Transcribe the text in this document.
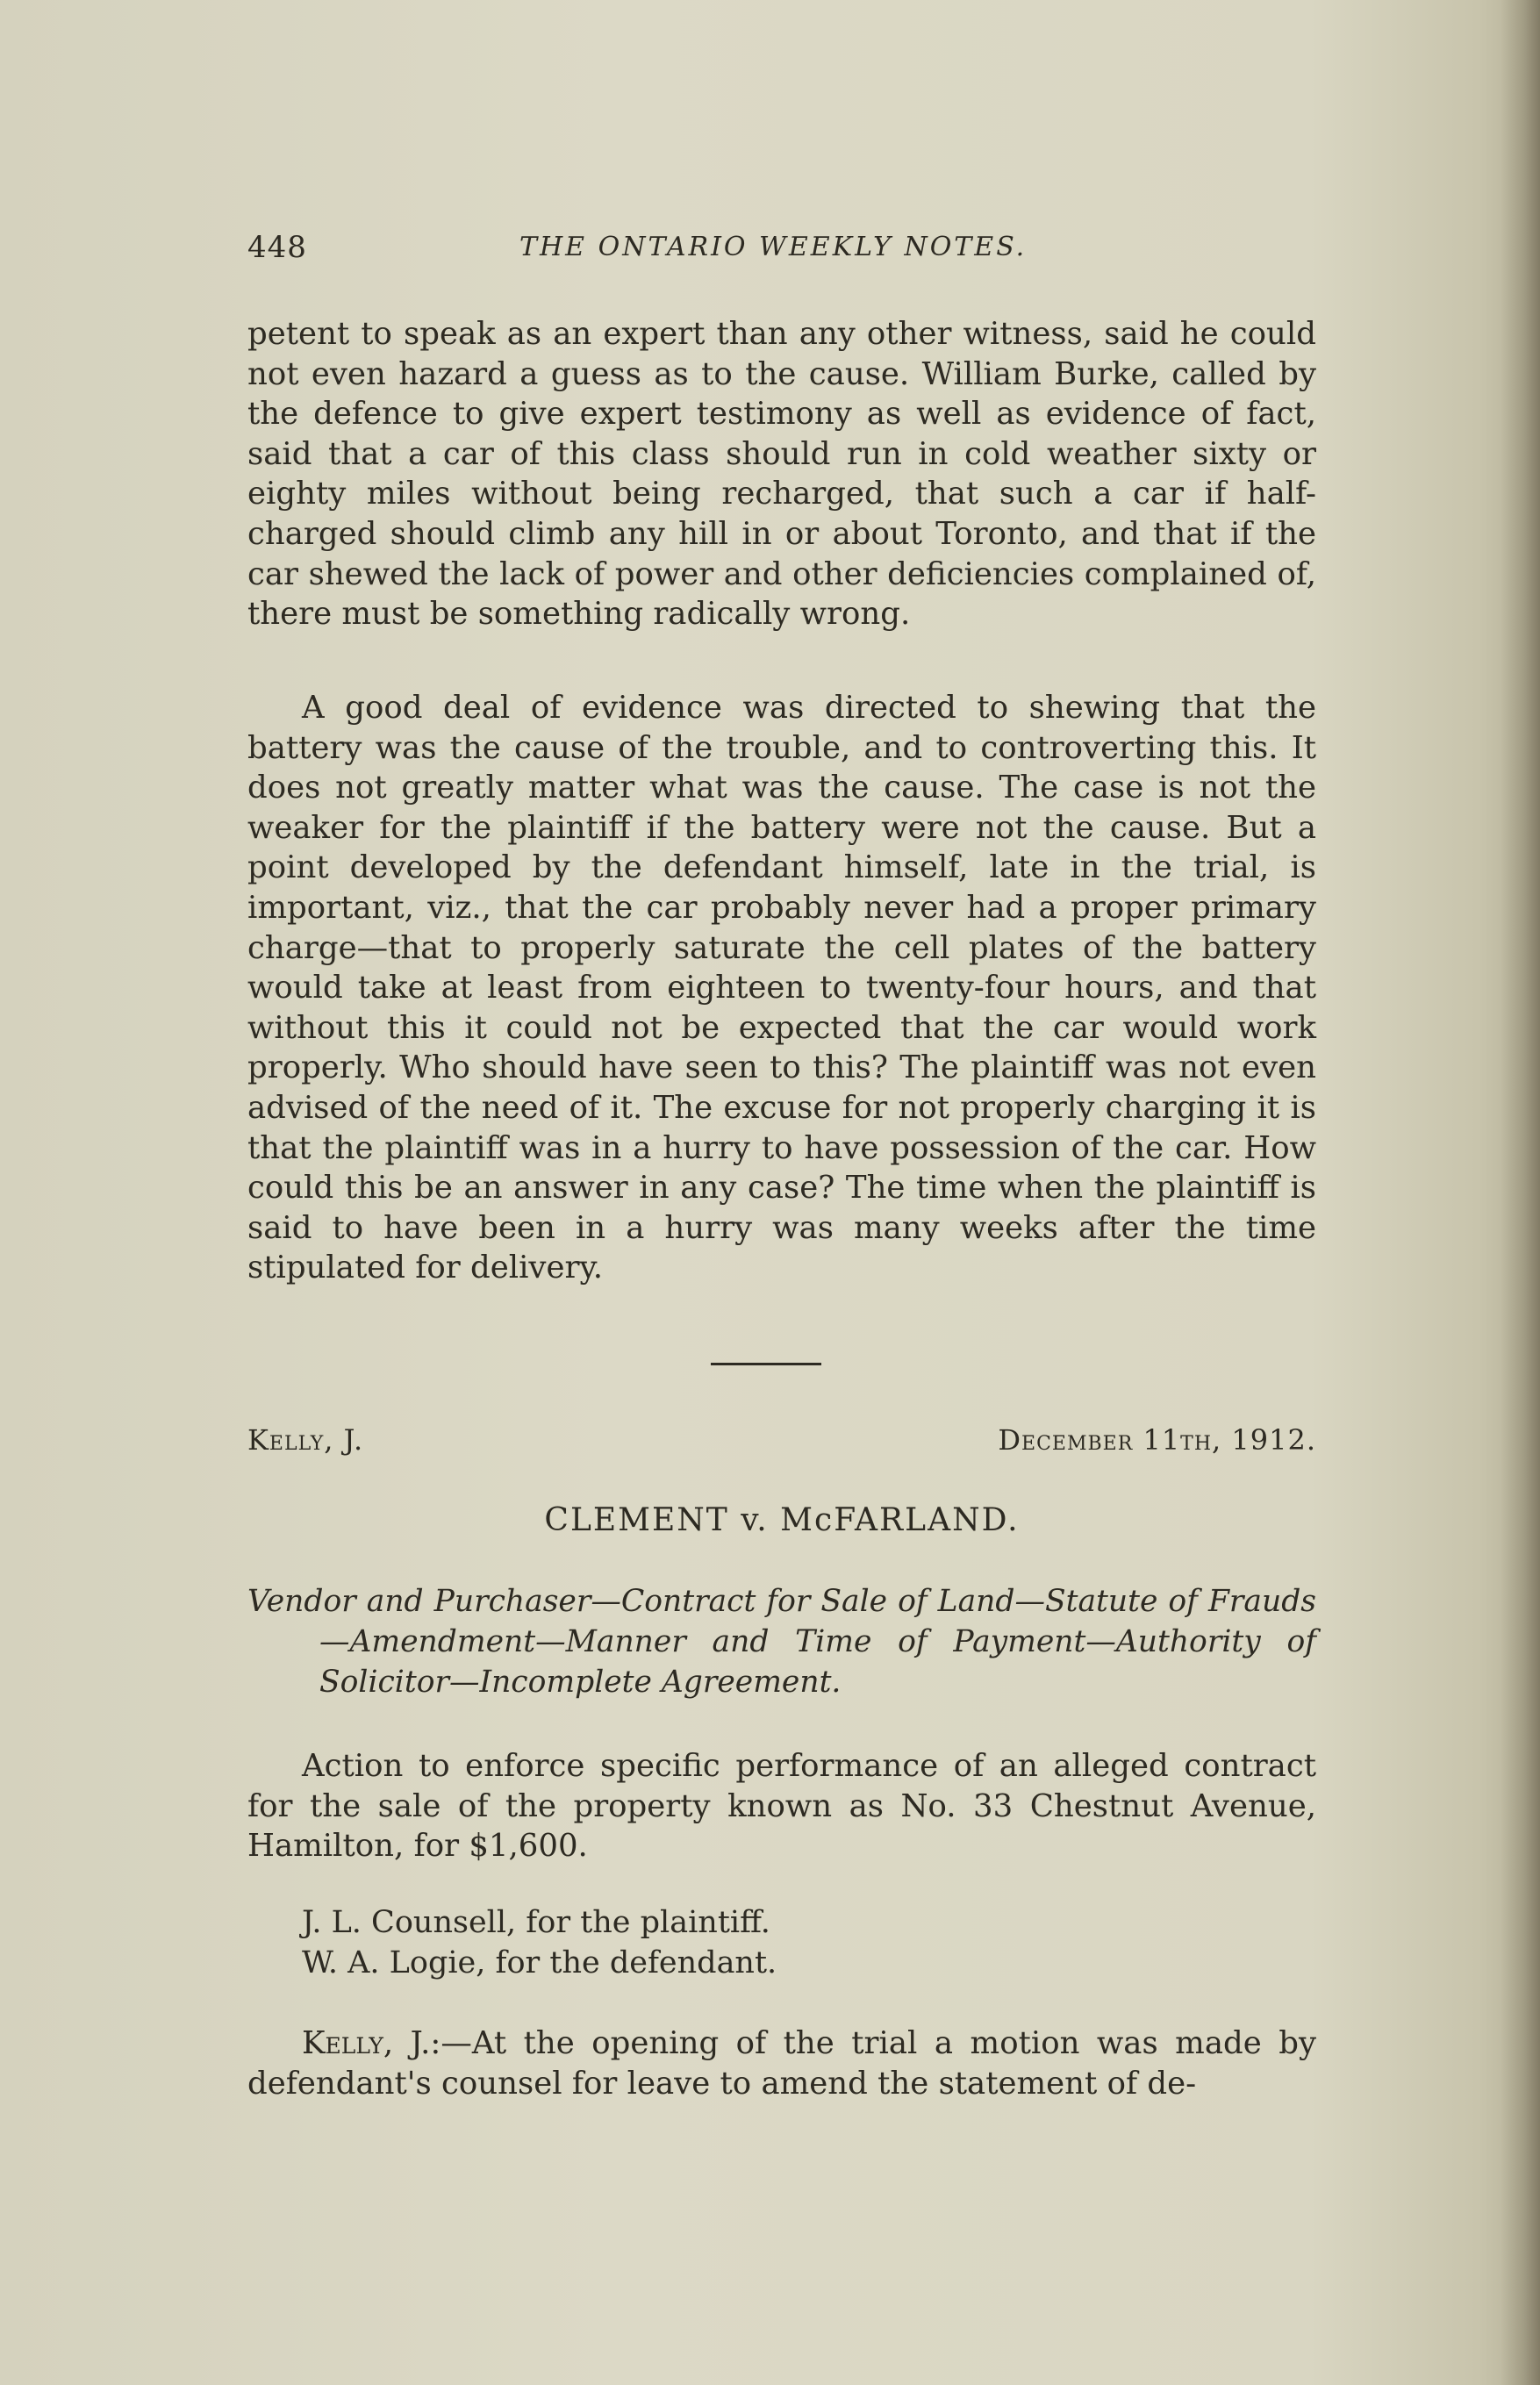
448	THE ONTARIO WEEKLY NOTES.

petent to speak as an expert than any other witness, said he could not even hazard a guess as to the cause. William Burke, called by the defence to give expert testimony as well as evidence of fact, said that a car of this class should run in cold weather sixty or eighty miles without being recharged, that such a car if half-charged should climb any hill in or about Toronto, and that if the car shewed the lack of power and other deficiencies complained of, there must be something radically wrong.

A good deal of evidence was directed to shewing that the battery was the cause of the trouble, and to controverting this. It does not greatly matter what was the cause. The case is not the weaker for the plaintiff if the battery were not the cause. But a point developed by the defendant himself, late in the trial, is important, viz., that the car probably never had a proper primary charge—that to properly saturate the cell plates of the battery would take at least from eighteen to twenty-four hours, and that without this it could not be expected that the car would work properly. Who should have seen to this? The plaintiff was not even advised of the need of it. The excuse for not properly charging it is that the plaintiff was in a hurry to have possession of the car. How could this be an answer in any case? The time when the plaintiff is said to have been in a hurry was many weeks after the time stipulated for delivery.

Kelly, J.	December 11th, 1912.
CLEMENT v. McFARLAND.
Vendor and Purchaser—Contract for Sale of Land—Statute of Frauds—Amendment—Manner and Time of Payment—Authority of Solicitor—Incomplete Agreement.

Action to enforce specific performance of an alleged contract for the sale of the property known as No. 33 Chestnut Avenue, Hamilton, for $1,600.

J. L. Counsell, for the plaintiff.
W. A. Logie, for the defendant.

Kelly, J.:—At the opening of the trial a motion was made by defendant's counsel for leave to amend the statement of de-
